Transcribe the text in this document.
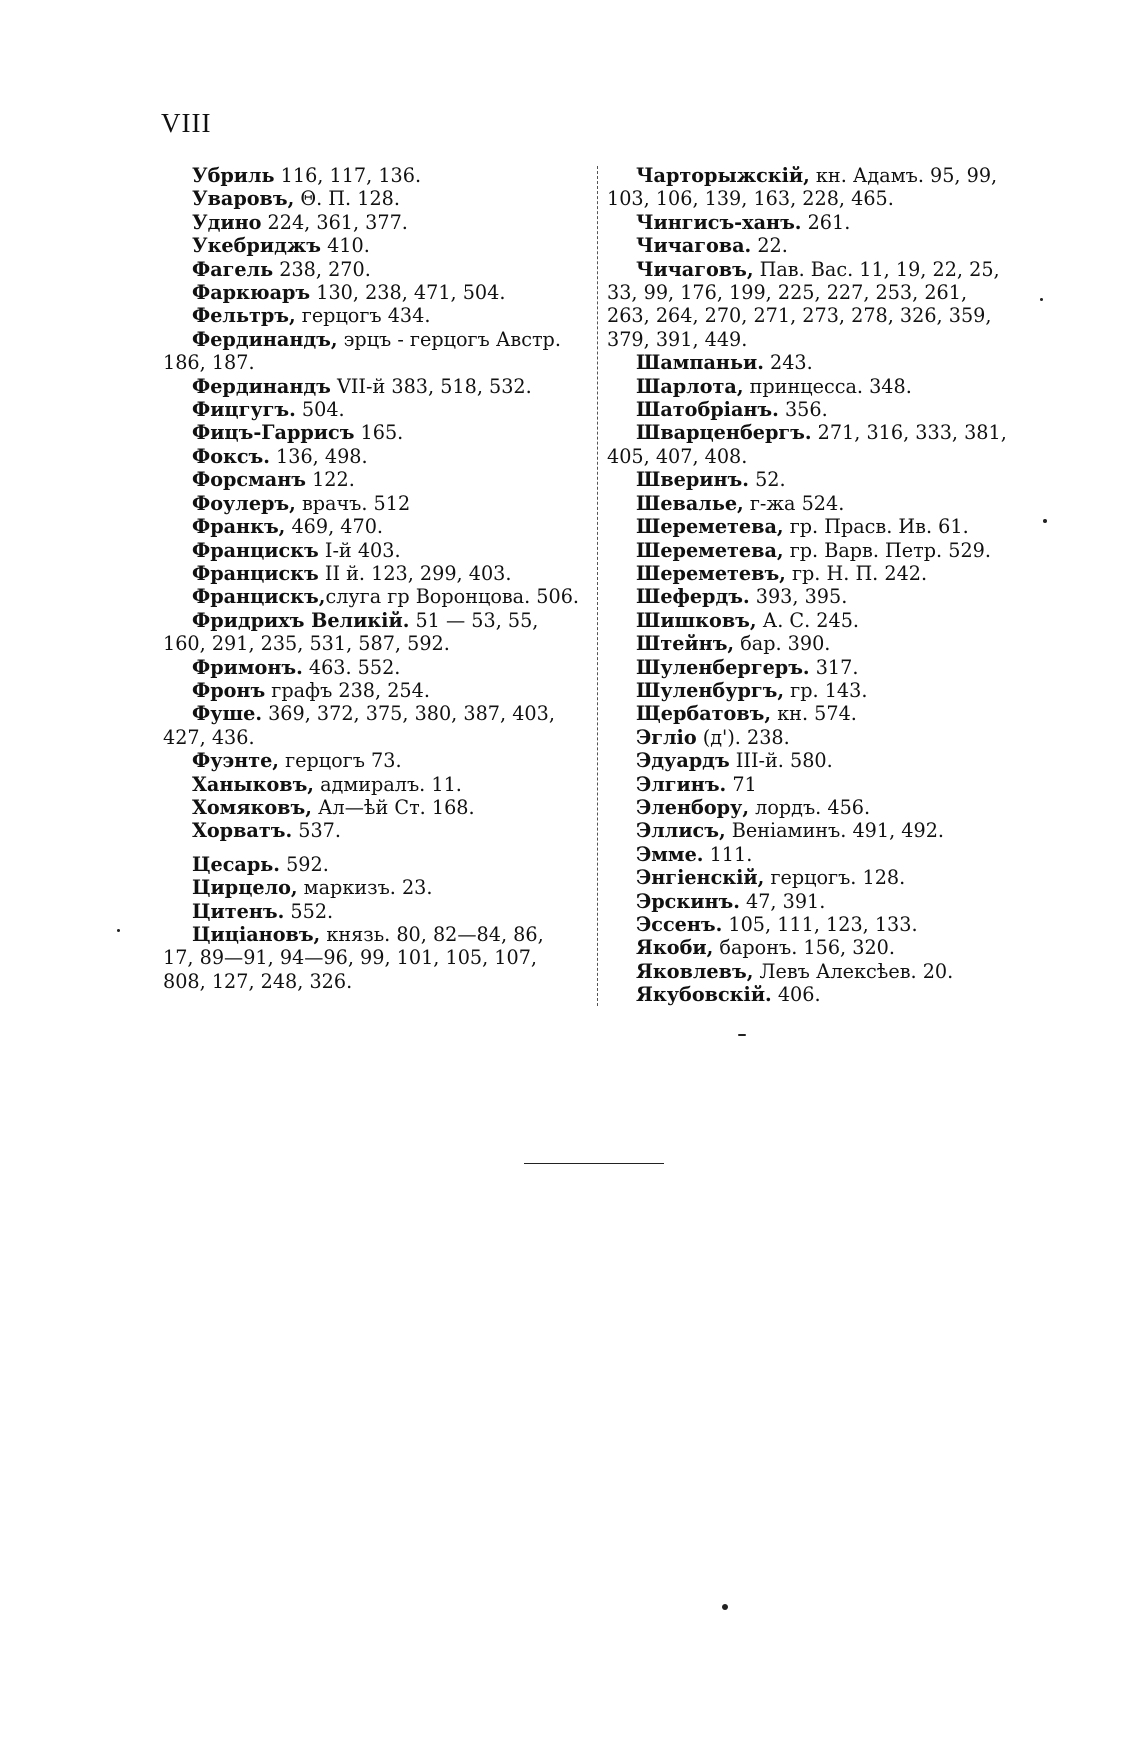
VIII
Убриль 116, 117, 136.
Уваровъ, Θ. П. 128.
Удино 224, 361, 377.
Укебриджъ 410.
Фагель 238, 270.
Фаркюаръ 130, 238, 471, 504.
Фельтръ, герцогъ 434.
Фердинандъ, эрцъ - герцогъ Австр.
186, 187.
Фердинандъ VII-й 383, 518, 532.
Фицгугъ. 504.
Фицъ-Гаррисъ 165.
Фоксъ. 136, 498.
Форсманъ 122.
Фоулеръ, врачъ. 512
Франкъ, 469, 470.
Францискъ I-й 403.
Францискъ II й. 123, 299, 403.
Францискъ,слуга гр Воронцова. 506.
Фридрихъ Великій. 51 — 53, 55,
160, 291, 235, 531, 587, 592.
Фримонъ. 463. 552.
Фронъ графъ 238, 254.
Фуше. 369, 372, 375, 380, 387, 403,
427, 436.
Фуэнте, герцогъ 73.
Ханыковъ, адмиралъ. 11.
Хомяковъ, Ал—ѣй Ст. 168.
Хорватъ. 537.
Цесарь. 592.
Цирцело, маркизъ. 23.
Цитенъ. 552.
Циціановъ, князь. 80, 82—84, 86,
17, 89—91, 94—96, 99, 101, 105, 107,
808, 127, 248, 326.
Чарторыжскій, кн. Адамъ. 95, 99,
103, 106, 139, 163, 228, 465.
Чингисъ-ханъ. 261.
Чичагова. 22.
Чичаговъ, Пав. Вас. 11, 19, 22, 25,
33, 99, 176, 199, 225, 227, 253, 261,
263, 264, 270, 271, 273, 278, 326, 359,
379, 391, 449.
Шампаньи. 243.
Шарлота, принцесса. 348.
Шатобріанъ. 356.
Шварценбергъ. 271, 316, 333, 381,
405, 407, 408.
Шверинъ. 52.
Шевалье, г-жа 524.
Шереметева, гр. Прасв. Ив. 61.
Шереметева, гр. Варв. Петр. 529.
Шереметевъ, гр. Н. П. 242.
Шефердъ. 393, 395.
Шишковъ, А. С. 245.
Штейнъ, бар. 390.
Шуленбергеръ. 317.
Шуленбургъ, гр. 143.
Щербатовъ, кн. 574.
Эглiо (д'). 238.
Эдуардъ III-й. 580.
Элгинъ. 71
Эленбору, лордъ. 456.
Эллисъ, Веніаминъ. 491, 492.
Эмме. 111.
Энгіенскій, герцогъ. 128.
Эрскинъ. 47, 391.
Эссенъ. 105, 111, 123, 133.
Якоби, баронъ. 156, 320.
Яковлевъ, Левъ Алексѣев. 20.
Якубовскій. 406.
